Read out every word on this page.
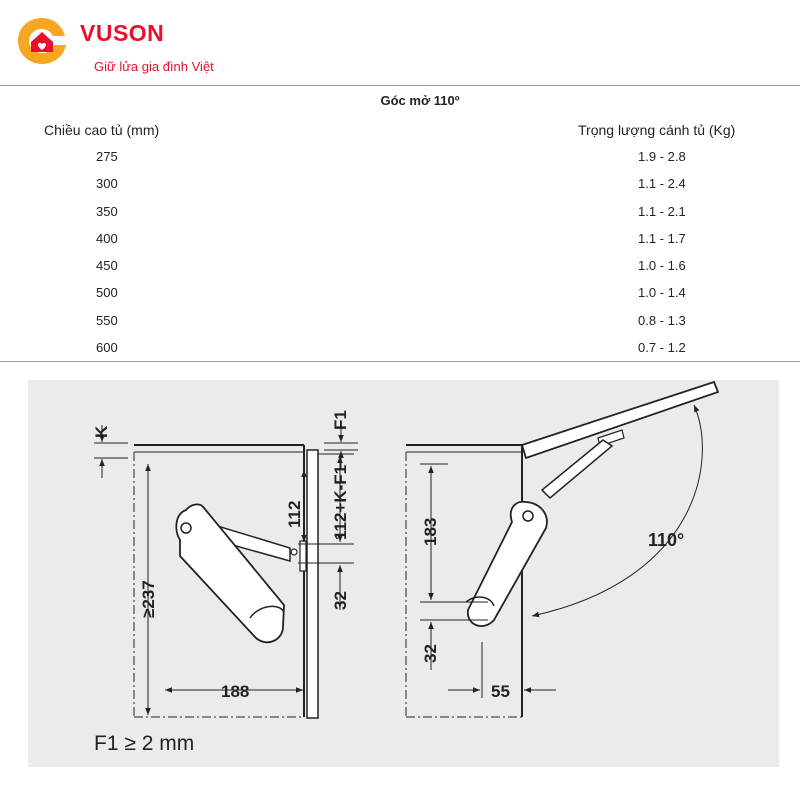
VUSON
Giữ lửa gia đình Việt
Góc mở 110º
Chiều cao tủ (mm)	Trọng lượng cánh tủ (Kg)
275	1.9 - 2.8
300	1.1 - 2.4
350	1.1 - 2.1
400	1.1 - 1.7
450	1.0 - 1.6
500	1.0 - 1.4
550	0.8 - 1.3
600	0.7 - 1.2
K
F1
112 112+K-F1
32
≥237
188
183
32
55
110°
F1 ≥ 2 mm
